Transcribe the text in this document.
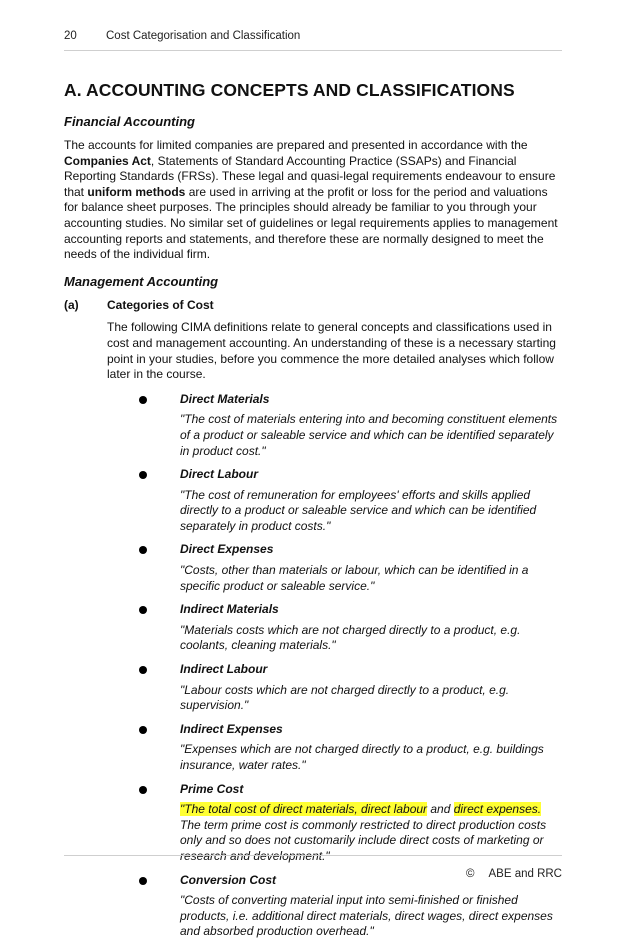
20	Cost Categorisation and Classification
A. ACCOUNTING CONCEPTS AND CLASSIFICATIONS
Financial Accounting

The accounts for limited companies are prepared and presented in accordance with the Companies Act, Statements of Standard Accounting Practice (SSAPs) and Financial Reporting Standards (FRSs). These legal and quasi-legal requirements endeavour to ensure that uniform methods are used in arriving at the profit or loss for the period and valuations for balance sheet purposes. The principles should already be familiar to you through your accounting studies. No similar set of guidelines or legal requirements applies to management accounting reports and statements, and therefore these are normally designed to meet the needs of the individual firm.

Management Accounting
(a)	Categories of Cost

The following CIMA definitions relate to general concepts and classifications used in cost and management accounting. An understanding of these is a necessary starting point in your studies, before you commence the more detailed analyses which follow later in the course.

Direct Materials
"The cost of materials entering into and becoming constituent elements of a product or saleable service and which can be identified separately in product cost."
Direct Labour
"The cost of remuneration for employees' efforts and skills applied directly to a product or saleable service and which can be identified separately in product costs."
Direct Expenses
"Costs, other than materials or labour, which can be identified in a specific product or saleable service."
Indirect Materials
"Materials costs which are not charged directly to a product, e.g. coolants, cleaning materials."
Indirect Labour
"Labour costs which are not charged directly to a product, e.g. supervision."
Indirect Expenses
"Expenses which are not charged directly to a product, e.g. buildings insurance, water rates."
Prime Cost
"The total cost of direct materials, direct labour and direct expenses. The term prime cost is commonly restricted to direct production costs only and so does not customarily include direct costs of marketing or research and development."
Conversion Cost
"Costs of converting material input into semi-finished or finished products, i.e. additional direct materials, direct wages, direct expenses and absorbed production overhead."
© ABE and RRC
